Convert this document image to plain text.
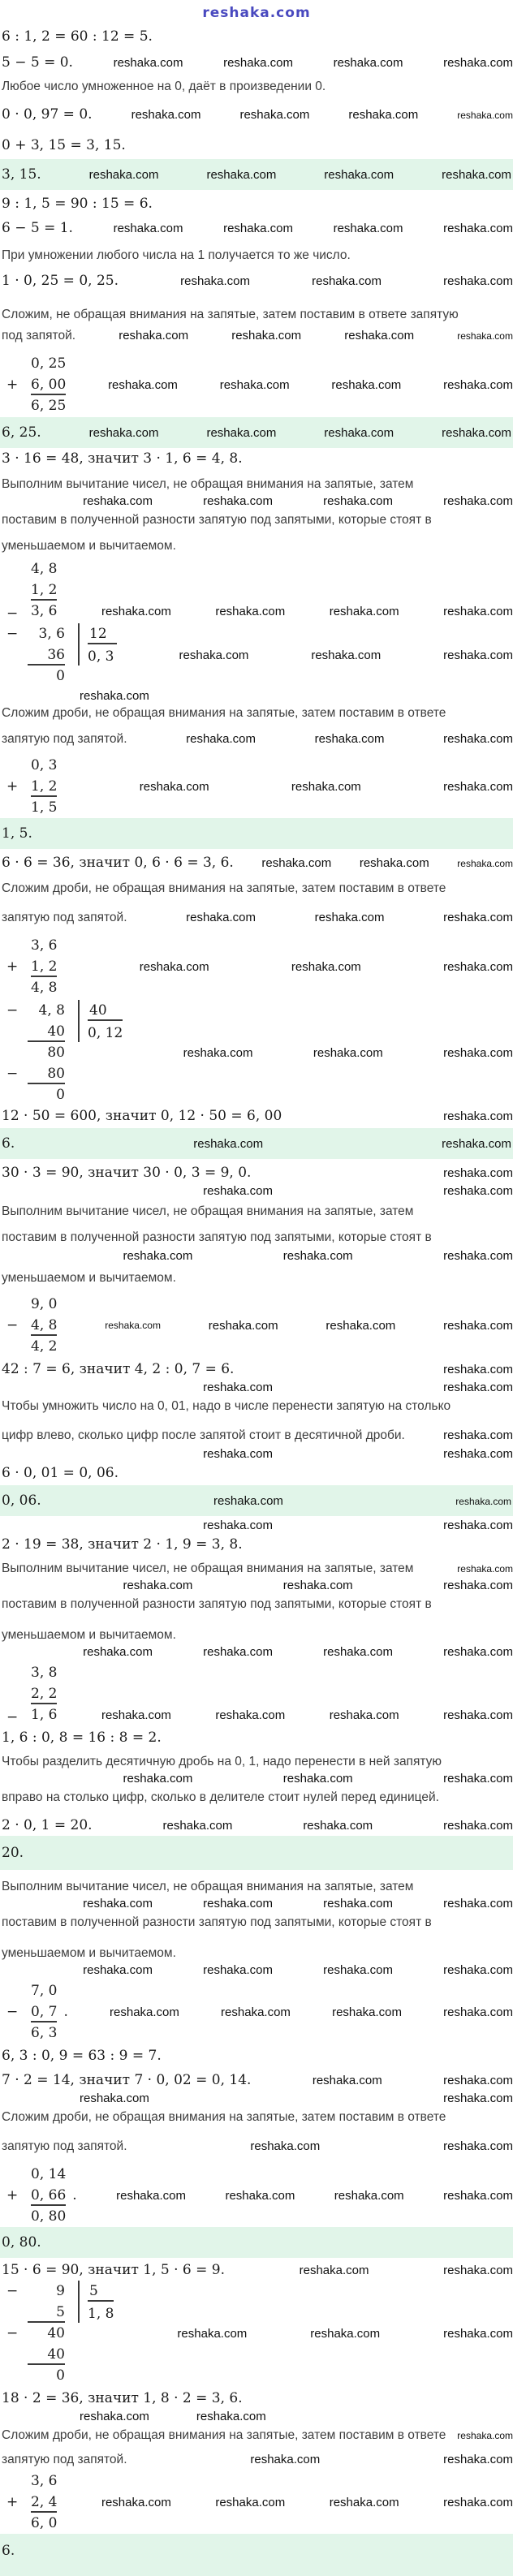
reshaka.com
6 : 1, 2 = 60 : 12 = 5.
5 − 5 = 0.	reshaka.com	reshaka.com	reshaka.com	reshaka.com
Любое число умноженное на 0, даёт в произведении 0.
0 · 0, 97 = 0.	reshaka.com	reshaka.com	reshaka.com	reshaka.com
0 + 3, 15 = 3, 15.
3, 15.	reshaka.com	reshaka.com	reshaka.com	reshaka.com
9 : 1, 5 = 90 : 15 = 6.
6 − 5 = 1.	reshaka.com	reshaka.com	reshaka.com	reshaka.com
При умножении любого числа на 1 получается то же число.
1 · 0, 25 = 0, 25.	reshaka.com	reshaka.com	reshaka.com
Сложим, не обращая внимания на запятые, затем поставим в ответе запятую
под запятой.	reshaka.com	reshaka.com	reshaka.com	reshaka.com
+
0, 25
6, 00
6, 25
reshaka.com	reshaka.com	reshaka.com	reshaka.com
6, 25.	reshaka.com	reshaka.com	reshaka.com	reshaka.com
3 · 16 = 48, значит 3 · 1, 6 = 4, 8.
Выполним вычитание чисел, не обращая внимания на запятые, затем
reshaka.com	reshaka.com	reshaka.com	reshaka.com
поставим в полученной разности запятую под запятыми, которые стоят в
уменьшаемом и вычитаемом.
−
4, 8
1, 2
3, 6	reshaka.com	reshaka.com	reshaka.com	reshaka.com
−	3, 6
36
0
12
0, 3	reshaka.com	reshaka.com	reshaka.com
reshaka.com
Сложим дроби, не обращая внимания на запятые, затем поставим в ответе
запятую под запятой.	reshaka.com	reshaka.com	reshaka.com
+
0, 3
1, 2
1, 5
reshaka.com	reshaka.com	reshaka.com
1, 5.
6 · 6 = 36, значит 0, 6 · 6 = 3, 6. reshaka.com reshaka.com	reshaka.com
Сложим дроби, не обращая внимания на запятые, затем поставим в ответе
запятую под запятой.	reshaka.com	reshaka.com	reshaka.com
+
3, 6
1, 2
4, 8
reshaka.com	reshaka.com	reshaka.com
−	4, 8
40
80
−	80
0
40
0, 12
reshaka.com	reshaka.com	reshaka.com
12 · 50 = 600, значит 0, 12 · 50 = 6, 00	reshaka.com
6.	reshaka.com	reshaka.com
30 · 3 = 90, значит 30 · 0, 3 = 9, 0.	reshaka.com
reshaka.com	reshaka.com
Выполним вычитание чисел, не обращая внимания на запятые, затем
поставим в полученной разности запятую под запятыми, которые стоят в
reshaka.com	reshaka.com	reshaka.com
уменьшаемом и вычитаемом.
−
9, 0
4, 8
4, 2
reshaka.com	reshaka.com	reshaka.com	reshaka.com
42 : 7 = 6, значит 4, 2 : 0, 7 = 6.	reshaka.com
reshaka.com	reshaka.com
Чтобы умножить число на 0, 01, надо в числе перенести запятую на столько
цифр влево, сколько цифр после запятой стоит в десятичной дроби.	reshaka.com
reshaka.com	reshaka.com
6 · 0, 01 = 0, 06.
0, 06.	reshaka.com	reshaka.com
reshaka.com	reshaka.com
2 · 19 = 38, значит 2 · 1, 9 = 3, 8.
Выполним вычитание чисел, не обращая внимания на запятые, затем	reshaka.com
reshaka.com	reshaka.com	reshaka.com
поставим в полученной разности запятую под запятыми, которые стоят в
уменьшаемом и вычитаемом.
reshaka.com	reshaka.com	reshaka.com	reshaka.com
−
3, 8
2, 2
1, 6	reshaka.com	reshaka.com	reshaka.com	reshaka.com
1, 6 : 0, 8 = 16 : 8 = 2.
Чтобы разделить десятичную дробь на 0, 1, надо перенести в ней запятую
reshaka.com	reshaka.com	reshaka.com
вправо на столько цифр, сколько в делителе стоит нулей перед единицей.
2 · 0, 1 = 20.	reshaka.com	reshaka.com	reshaka.com
20.
Выполним вычитание чисел, не обращая внимания на запятые, затем
reshaka.com	reshaka.com	reshaka.com	reshaka.com
поставим в полученной разности запятую под запятыми, которые стоят в
уменьшаемом и вычитаемом.
reshaka.com	reshaka.com	reshaka.com	reshaka.com
−
7, 0
0, 7 .
6, 3
reshaka.com	reshaka.com	reshaka.com	reshaka.com
6, 3 : 0, 9 = 63 : 9 = 7.
7 · 2 = 14, значит 7 · 0, 02 = 0, 14.	reshaka.com	reshaka.com
reshaka.com	reshaka.com
Сложим дроби, не обращая внимания на запятые, затем поставим в ответе
запятую под запятой.	reshaka.com	reshaka.com
+
0, 14
0, 66 .
0, 80
reshaka.com	reshaka.com	reshaka.com	reshaka.com
0, 80.
15 · 6 = 90, значит 1, 5 · 6 = 9.	reshaka.com	reshaka.com
−	9
5
−	40
40
0
5
1, 8
reshaka.com	reshaka.com	reshaka.com
18 · 2 = 36, значит 1, 8 · 2 = 3, 6.
reshaka.com	reshaka.com
Сложим дроби, не обращая внимания на запятые, затем поставим в ответе reshaka.com
запятую под запятой.	reshaka.com	reshaka.com
+
3, 6
2, 4
6, 0
reshaka.com	reshaka.com	reshaka.com	reshaka.com
6.
